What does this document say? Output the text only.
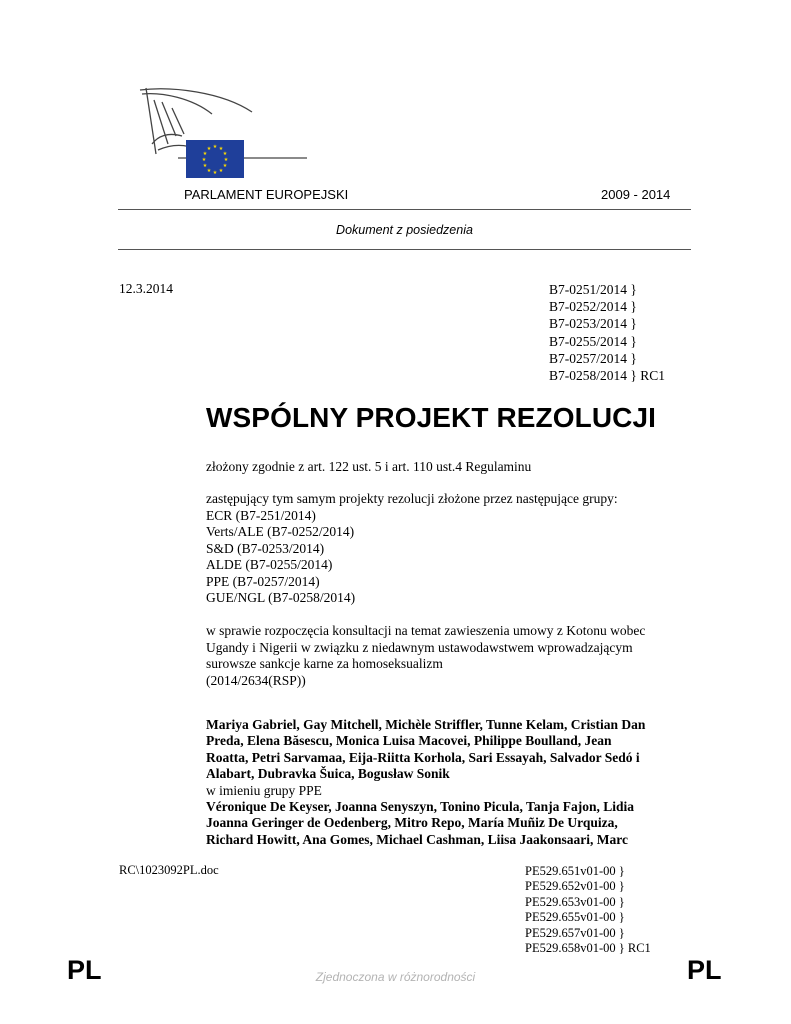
★ ★
★
★
★
★
★
★
★
★
★
★
PARLAMENT EUROPEJSKI	2009 - 2014
Dokument z posiedzenia
12.3.2014	B7-0251/2014 }
B7-0252/2014 }
B7-0253/2014 }
B7-0255/2014 }
B7-0257/2014 }
B7-0258/2014 } RC1
WSPÓLNY PROJEKT REZOLUCJI
złożony zgodnie z art. 122 ust. 5 i art. 110 ust.4 Regulaminu
zastępujący tym samym projekty rezolucji złożone przez następujące grupy:
ECR (B7-251/2014)
Verts/ALE (B7-0252/2014)
S&D (B7-0253/2014)
ALDE (B7-0255/2014)
PPE (B7-0257/2014)
GUE/NGL (B7-0258/2014)
w sprawie rozpoczęcia konsultacji na temat zawieszenia umowy z Kotonu wobec
Ugandy i Nigerii w związku z niedawnym ustawodawstwem wprowadzającym
surowsze sankcje karne za homoseksualizm
(2014/2634(RSP))
Mariya Gabriel, Gay Mitchell, Michèle Striffler, Tunne Kelam, Cristian Dan
Preda, Elena Băsescu, Monica Luisa Macovei, Philippe Boulland, Jean
Roatta, Petri Sarvamaa, Eija-Riitta Korhola, Sari Essayah, Salvador Sedó i
Alabart, Dubravka Šuica, Bogusław Sonik
w imieniu grupy PPE
Véronique De Keyser, Joanna Senyszyn, Tonino Picula, Tanja Fajon, Lidia
Joanna Geringer de Oedenberg, Mitro Repo, María Muñiz De Urquiza,
Richard Howitt, Ana Gomes, Michael Cashman, Liisa Jaakonsaari, Marc
RC\1023092PL.doc	PE529.651v01-00 }
PE529.652v01-00 }
PE529.653v01-00 }
PE529.655v01-00 }
PE529.657v01-00 }
PE529.658v01-00 } RC1
PL	Zjednoczona w różnorodności	PL
